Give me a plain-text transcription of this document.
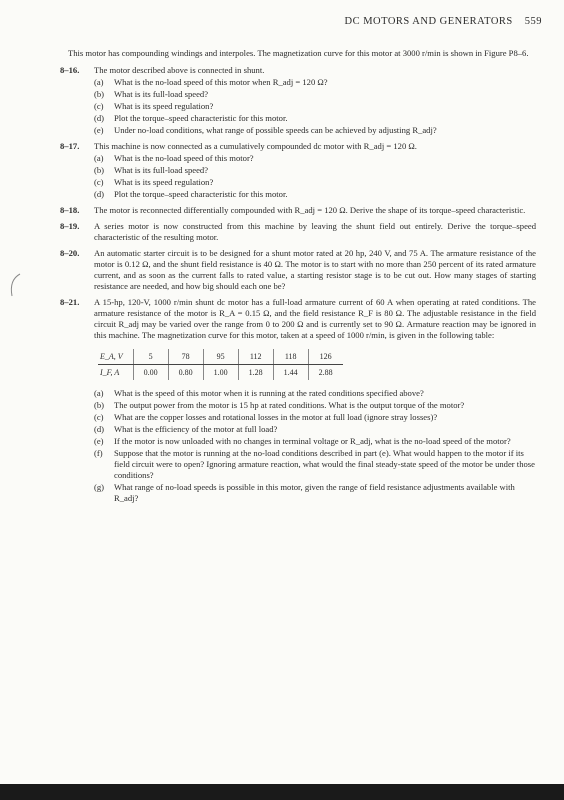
DC MOTORS AND GENERATORS 559
This motor has compounding windings and interpoles. The magnetization curve for this motor at 3000 r/min is shown in Figure P8–6.
8–16. The motor described above is connected in shunt.
(a) What is the no-load speed of this motor when R_adj = 120 Ω?
(b) What is its full-load speed?
(c) What is its speed regulation?
(d) Plot the torque–speed characteristic for this motor.
(e) Under no-load conditions, what range of possible speeds can be achieved by adjusting R_adj?
8–17. This machine is now connected as a cumulatively compounded dc motor with R_adj = 120 Ω.
(a) What is the no-load speed of this motor?
(b) What is its full-load speed?
(c) What is its speed regulation?
(d) Plot the torque–speed characteristic for this motor.
8–18. The motor is reconnected differentially compounded with R_adj = 120 Ω. Derive the shape of its torque–speed characteristic.
8–19. A series motor is now constructed from this machine by leaving the shunt field out entirely. Derive the torque–speed characteristic of the resulting motor.
8–20. An automatic starter circuit is to be designed for a shunt motor rated at 20 hp, 240 V, and 75 A. The armature resistance of the motor is 0.12 Ω, and the shunt field resistance is 40 Ω. The motor is to start with no more than 250 percent of its rated armature current, and as soon as the current falls to rated value, a starting resistor stage is to be cut out. How many stages of starting resistance are needed, and how big should each one be?
8–21. A 15-hp, 120-V, 1000 r/min shunt dc motor has a full-load armature current of 60 A when operating at rated conditions. The armature resistance of the motor is R_A = 0.15 Ω, and the field resistance R_F is 80 Ω. The adjustable resistance in the field circuit R_adj may be varied over the range from 0 to 200 Ω and is currently set to 90 Ω. Armature reaction may be ignored in this machine. The magnetization curve for this motor, taken at a speed of 1000 r/min, is given in the following table:
E_A, V	5	78	95	112	118	126
I_F, A	0.00	0.80	1.00	1.28	1.44	2.88
(a) What is the speed of this motor when it is running at the rated conditions specified above?
(b) The output power from the motor is 15 hp at rated conditions. What is the output torque of the motor?
(c) What are the copper losses and rotational losses in the motor at full load (ignore stray losses)?
(d) What is the efficiency of the motor at full load?
(e) If the motor is now unloaded with no changes in terminal voltage or R_adj, what is the no-load speed of the motor?
(f) Suppose that the motor is running at the no-load conditions described in part (e). What would happen to the motor if its field circuit were to open? Ignoring armature reaction, what would the final steady-state speed of the motor be under those conditions?
(g) What range of no-load speeds is possible in this motor, given the range of field resistance adjustments available with R_adj?
